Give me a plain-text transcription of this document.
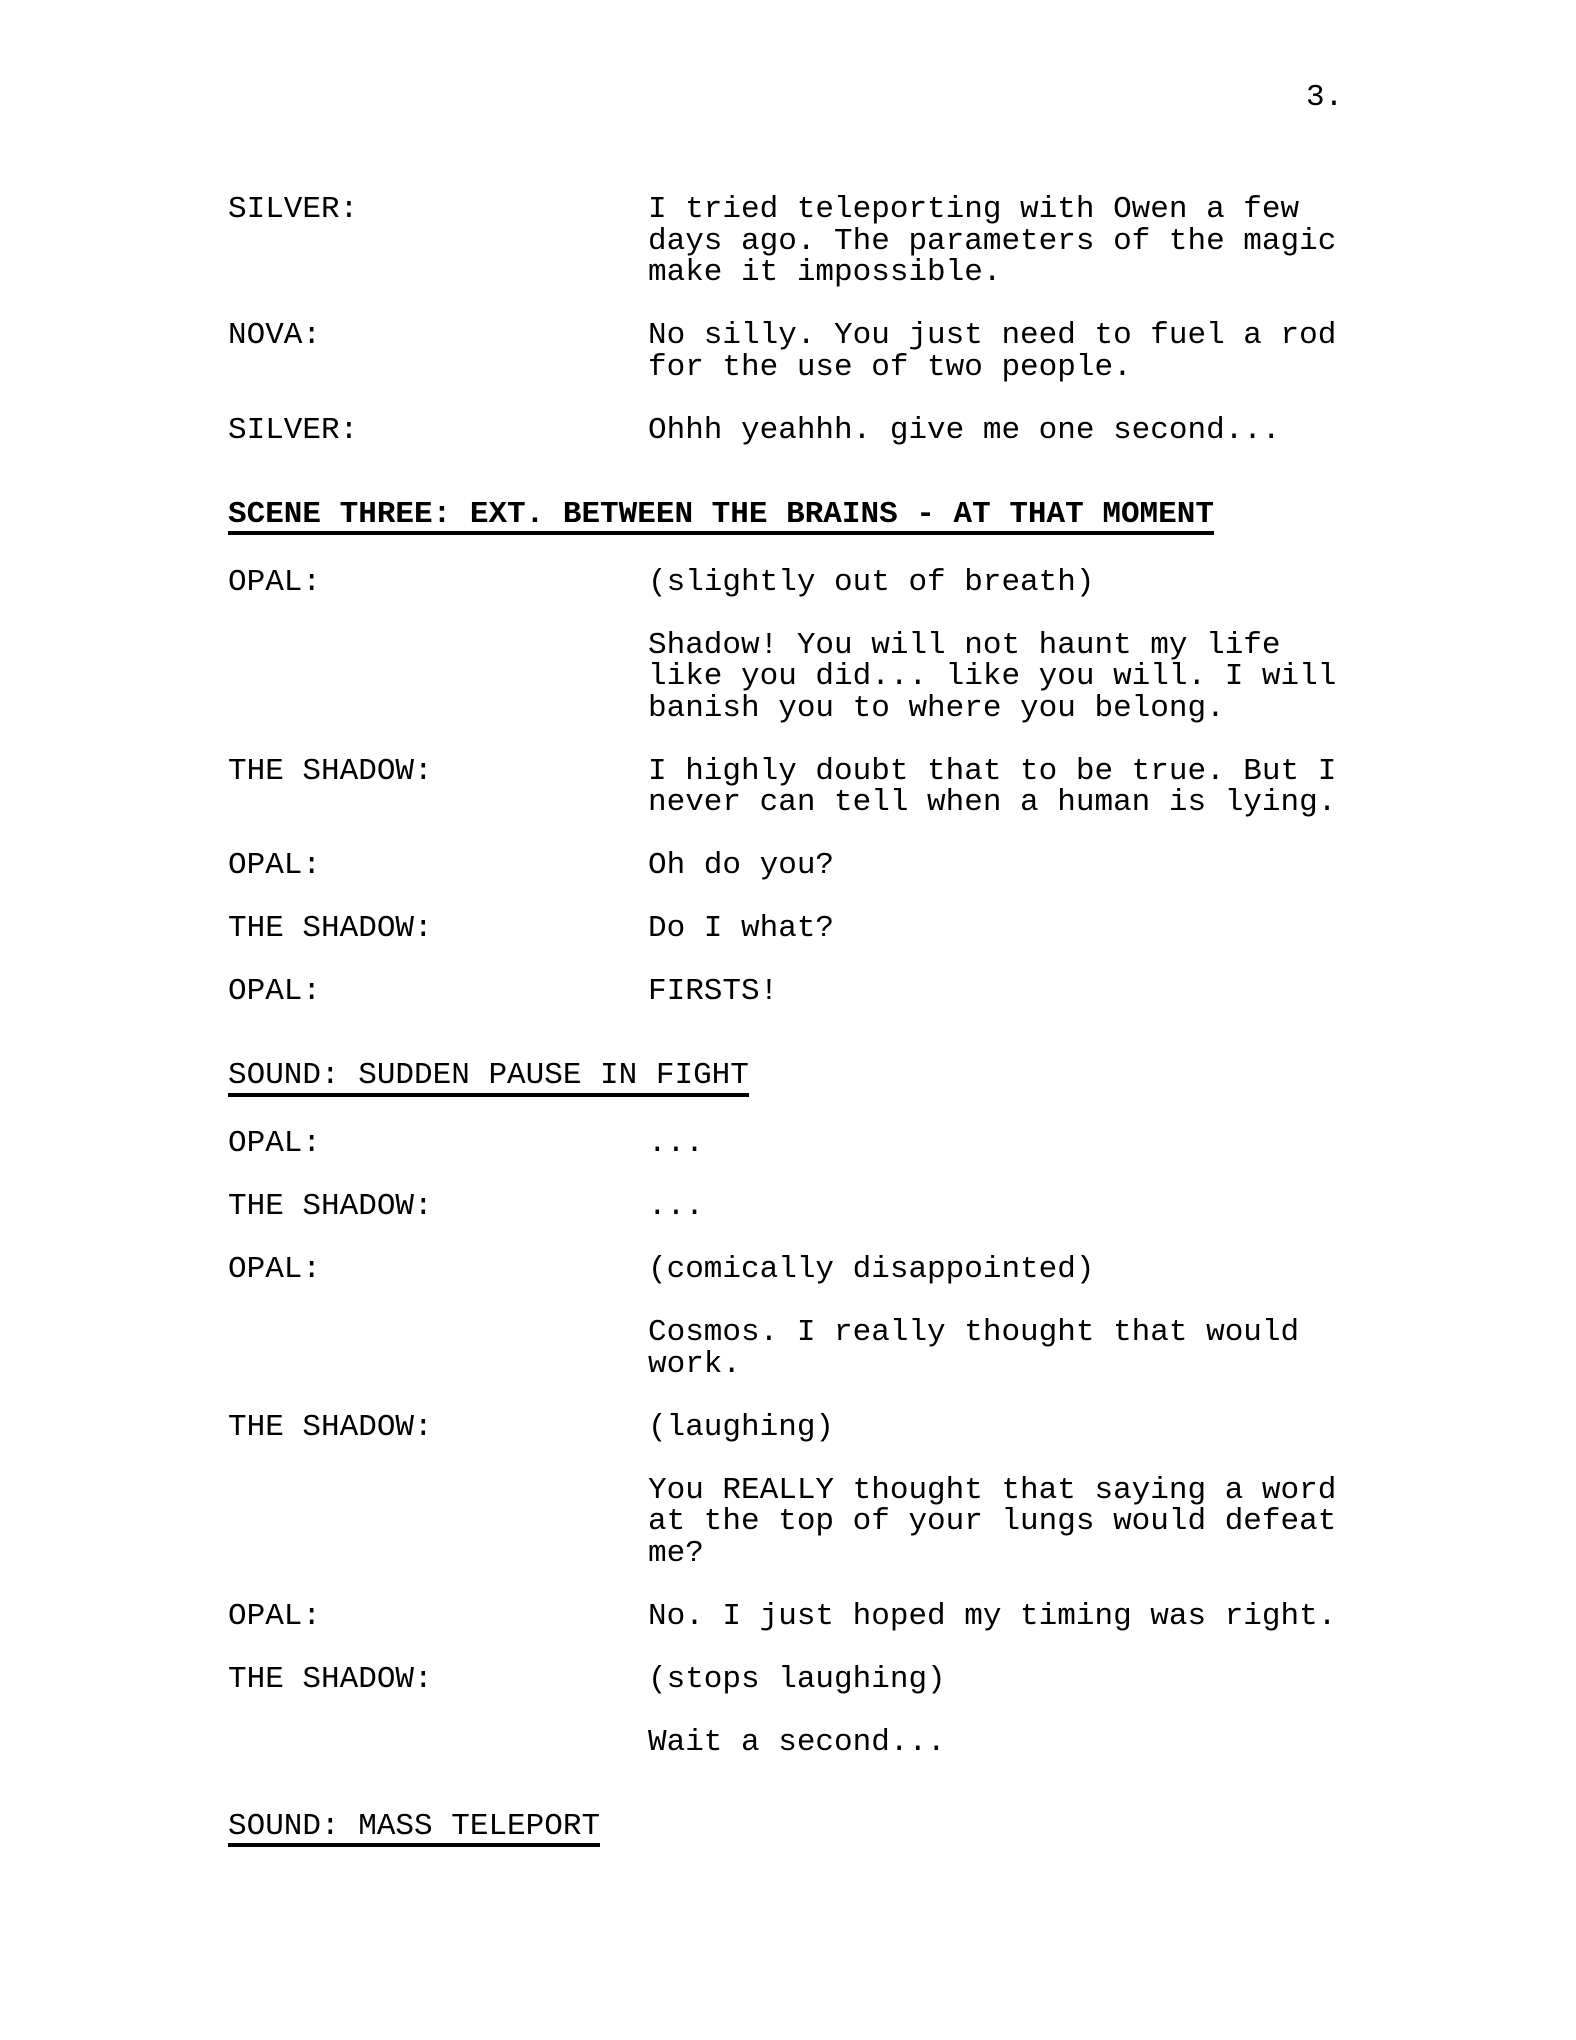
3.
SILVER:	I tried teleporting with Owen a few
days ago. The parameters of the magic
make it impossible.
NOVA:	No silly. You just need to fuel a rod
for the use of two people.
SILVER:	Ohhh yeahhh. give me one second...
SCENE THREE: EXT. BETWEEN THE BRAINS - AT THAT MOMENT
OPAL:	(slightly out of breath)

Shadow! You will not haunt my life
like you did... like you will. I will
banish you to where you belong.
THE SHADOW:	I highly doubt that to be true. But I
never can tell when a human is lying.
OPAL:	Oh do you?
THE SHADOW:	Do I what?
OPAL:	FIRSTS!
SOUND: SUDDEN PAUSE IN FIGHT
OPAL:	...
THE SHADOW:	...
OPAL:	(comically disappointed)

Cosmos. I really thought that would
work.
THE SHADOW:	(laughing)

You REALLY thought that saying a word
at the top of your lungs would defeat
me?
OPAL:	No. I just hoped my timing was right.
THE SHADOW:	(stops laughing)

Wait a second...
SOUND: MASS TELEPORT
